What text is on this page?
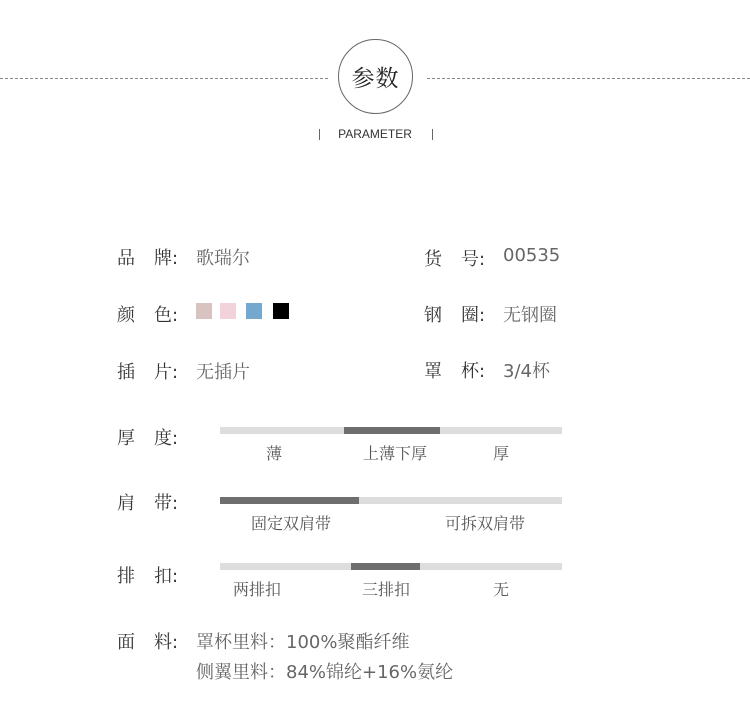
参数
PARAMETER
品 牌: 歌瑞尔	货 号: 00535
颜 色:	钢 圈: 无钢圈
插 片: 无插片	罩 杯: 3/4杯
厚 度:
薄	上薄下厚	厚
肩 带:
固定双肩带	可拆双肩带
排 扣:
两排扣	三排扣	无
面 料: 罩杯里料：100%聚酯纤维
侧翼里料：84%锦纶+16%氨纶
